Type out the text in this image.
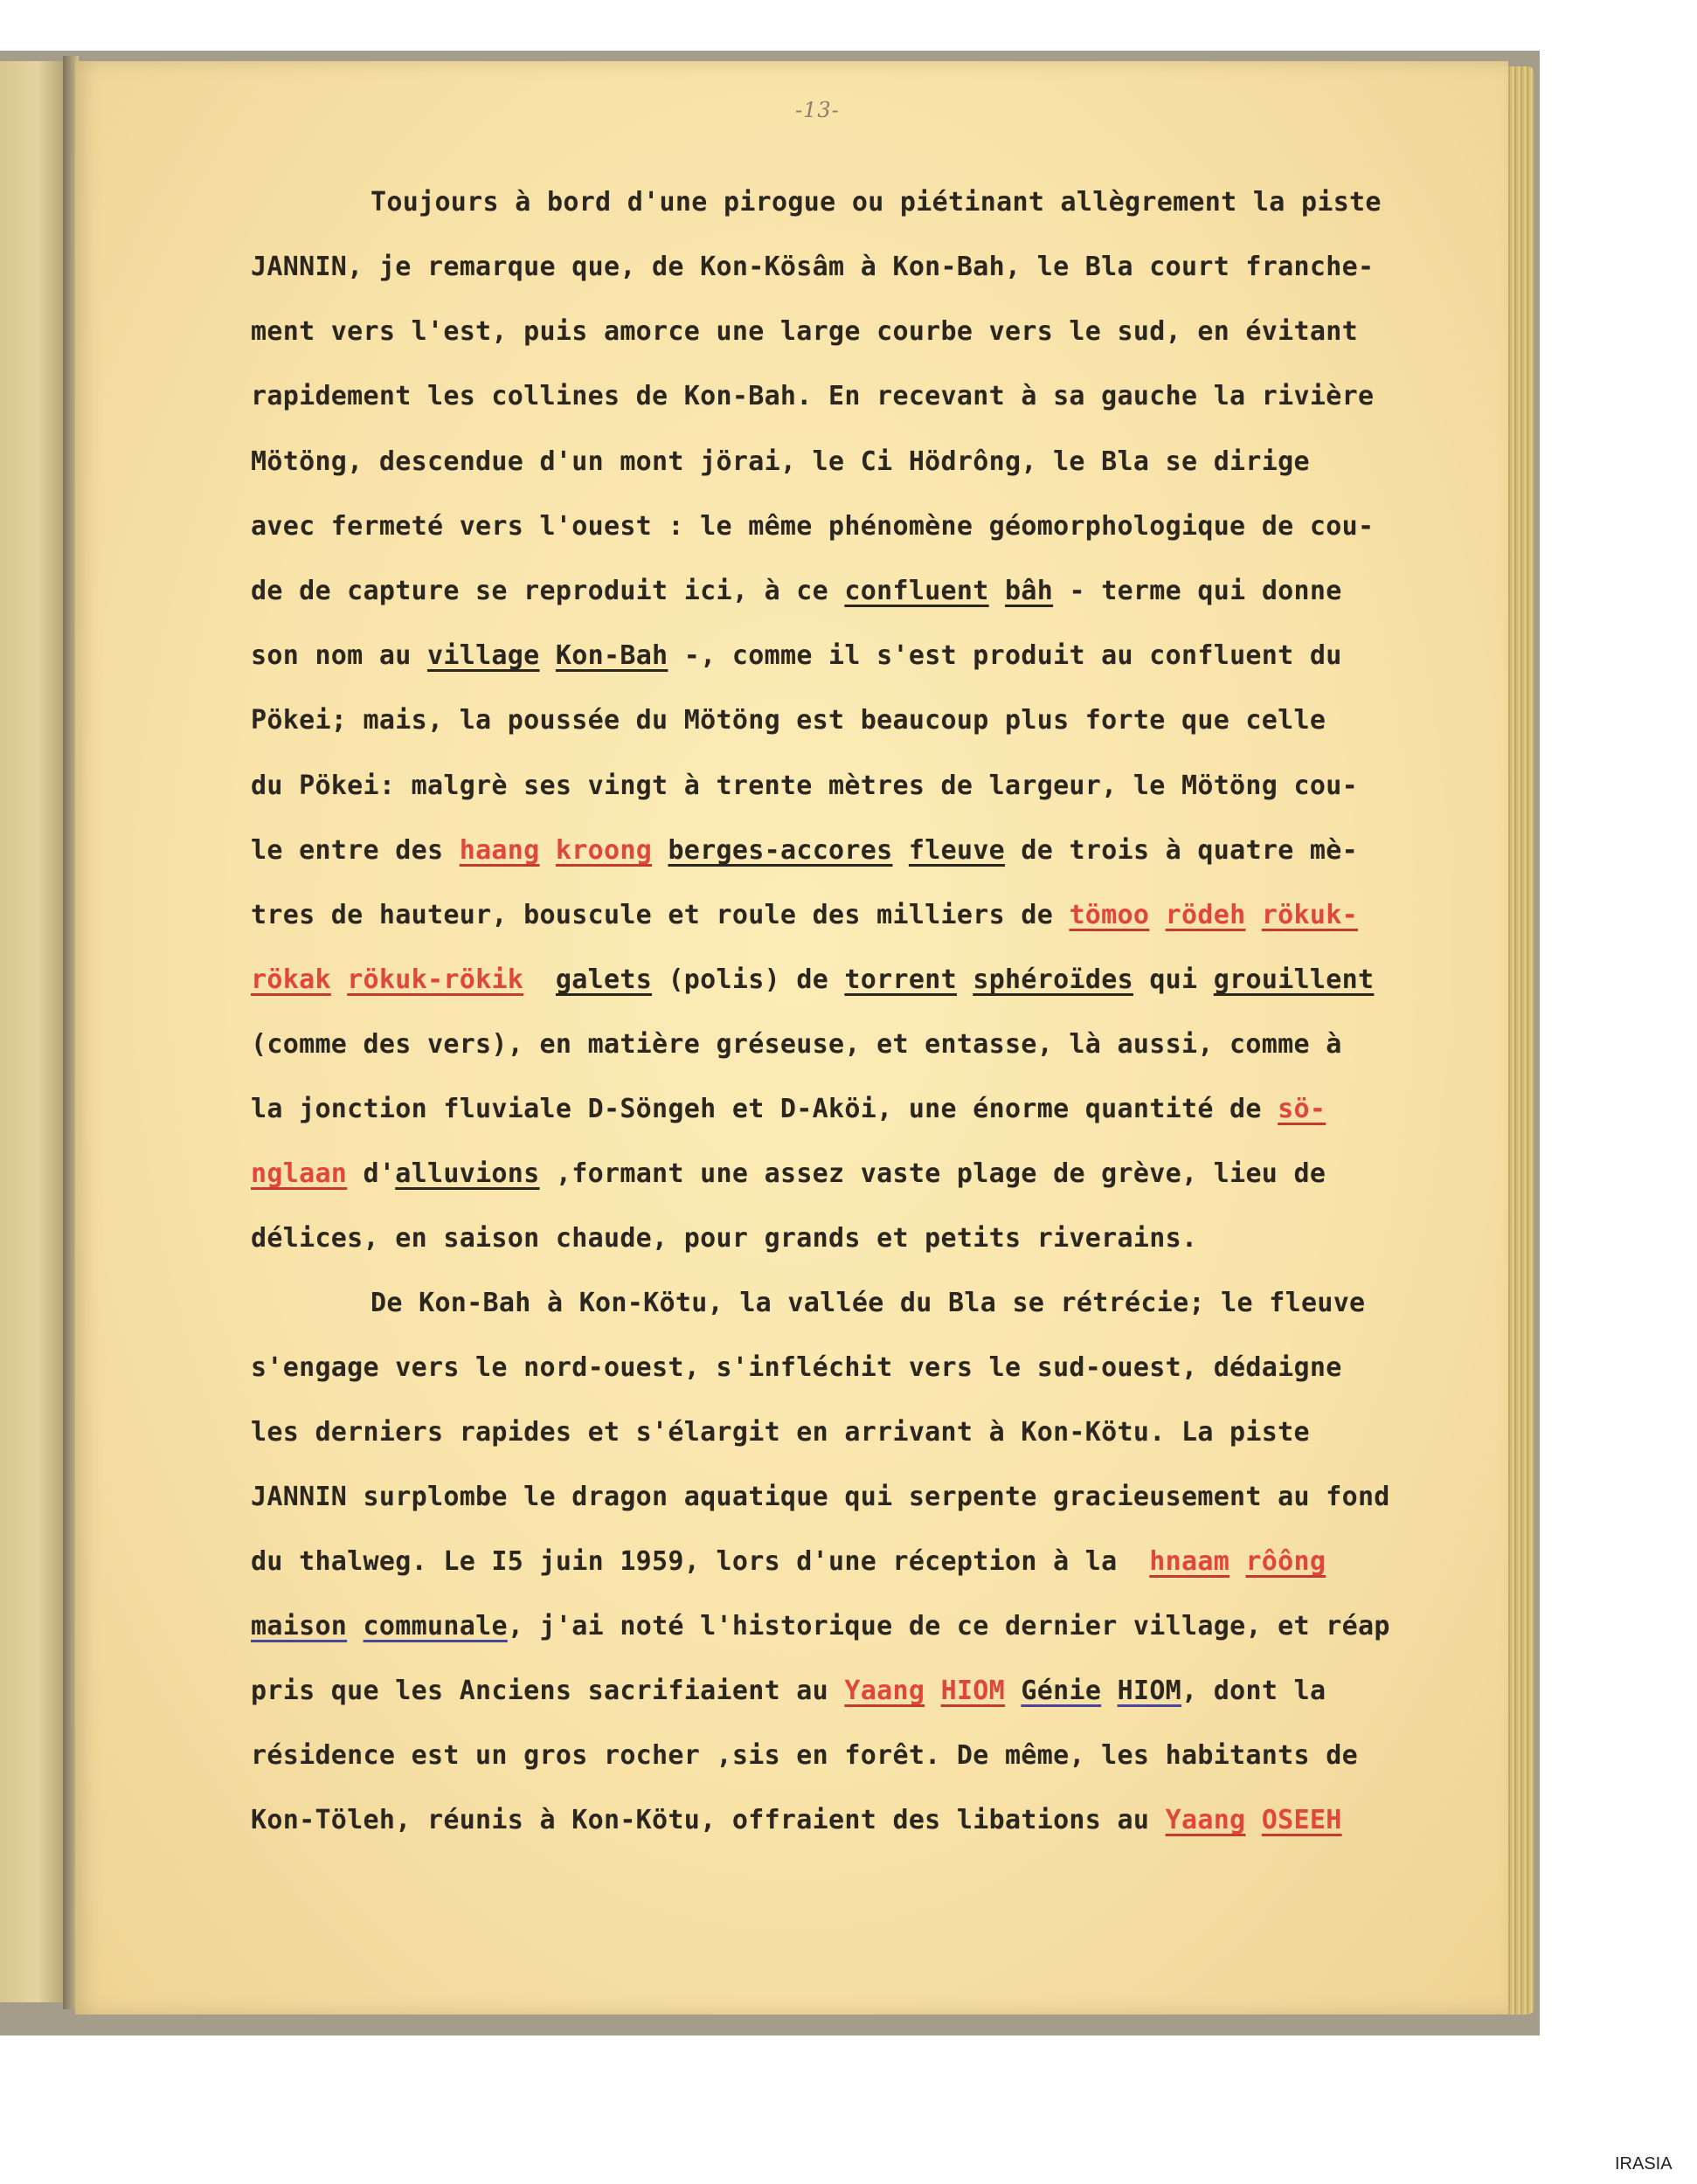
-13-
Toujours à bord d'une pirogue ou piétinant allègrement la piste
JANNIN, je remarque que, de Kon-Kösâm à Kon-Bah, le Bla court franche-
ment vers l'est, puis amorce une large courbe vers le sud, en évitant
rapidement les collines de Kon-Bah. En recevant à sa gauche la rivière
Mötöng, descendue d'un mont jörai, le Ci Hödrông, le Bla se dirige
avec fermeté vers l'ouest : le même phénomène géomorphologique de cou-
de de capture se reproduit ici, à ce confluent bâh - terme qui donne
son nom au village Kon-Bah -, comme il s'est produit au confluent du
Pökei; mais, la poussée du Mötöng est beaucoup plus forte que celle
du Pökei: malgrè ses vingt à trente mètres de largeur, le Mötöng cou-
le entre des haang kroong berges-accores fleuve de trois à quatre mè-
tres de hauteur, bouscule et roule des milliers de tömoo rödeh rökuk-
rökak rökuk-rökik galets (polis) de torrent sphéroïdes qui grouillent
(comme des vers), en matière gréseuse, et entasse, là aussi, comme à
la jonction fluviale D-Söngeh et D-Aköi, une énorme quantité de sö-
nglaan d'alluvions ,formant une assez vaste plage de grève, lieu de
délices, en saison chaude, pour grands et petits riverains.
De Kon-Bah à Kon-Kötu, la vallée du Bla se rétrécie; le fleuve
s'engage vers le nord-ouest, s'infléchit vers le sud-ouest, dédaigne
les derniers rapides et s'élargit en arrivant à Kon-Kötu. La piste
JANNIN surplombe le dragon aquatique qui serpente gracieusement au fond
du thalweg. Le I5 juin 1959, lors d'une réception à la  hnaam rôông
maison communale, j'ai noté l'historique de ce dernier village, et réap
pris que les Anciens sacrifiaient au Yaang HIOM Génie HIOM, dont la
résidence est un gros rocher ,sis en forêt. De même, les habitants de
Kon-Töleh, réunis à Kon-Kötu, offraient des libations au Yaang OSEEH
IRASIA
